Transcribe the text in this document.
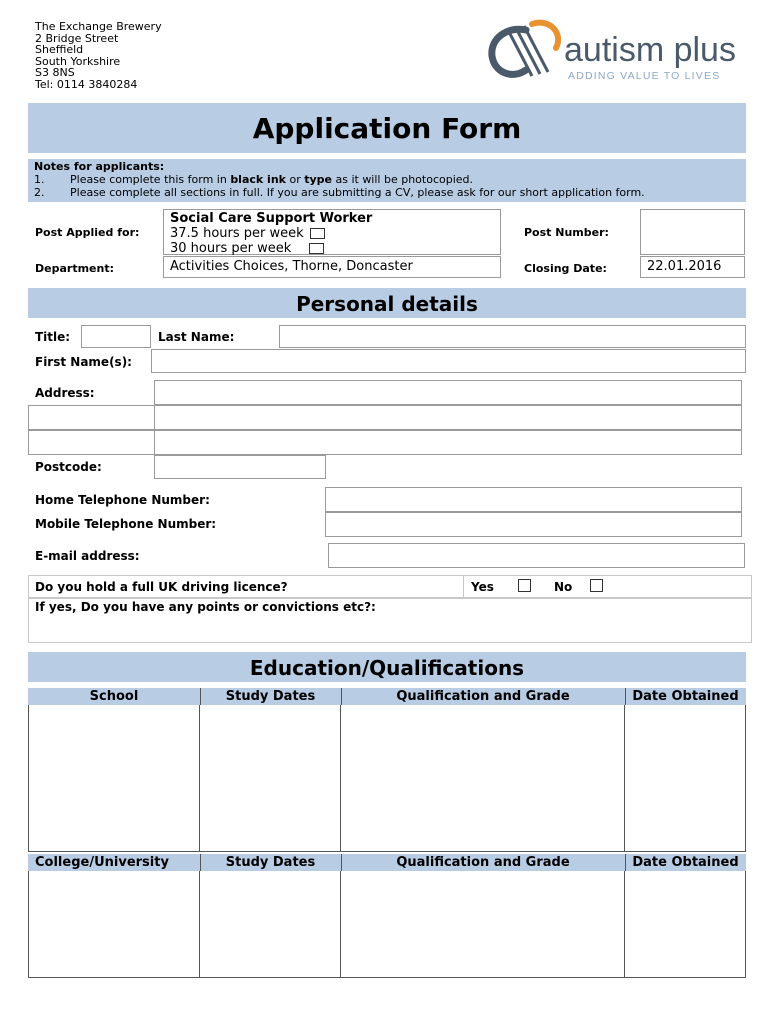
The Exchange Brewery
2 Bridge Street
Sheffield
South Yorkshire
S3 8NS
Tel: 0114 3840284
autism plus
ADDING VALUE TO LIVES
Application Form
Notes for applicants:
1. Please complete this form in black ink or type as it will be photocopied.
2. Please complete all sections in full. If you are submitting a CV, please ask for our short application form.
Post Applied for:
Social Care Support Worker
37.5 hours per week
30 hours per week
Post Number:
Department:	Activities Choices, Thorne, Doncaster	Closing Date:	22.01.2016
Personal details
Title:	Last Name:
First Name(s):
Address:
Postcode:
Home Telephone Number:
Mobile Telephone Number:
E-mail address:
Do you hold a full UK driving licence?	Yes	No
If yes, Do you have any points or convictions etc?:
Education/Qualifications
School	Study Dates	Qualification and Grade	Date Obtained
College/University	Study Dates	Qualification and Grade	Date Obtained
